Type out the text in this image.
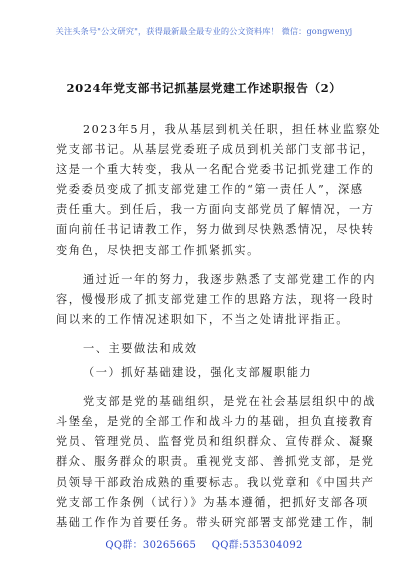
关注头条号"公文研究"，获得最新最全最专业的公文资料库！ 微信：gongwenyj
2024年党支部书记抓基层党建工作述职报告（2）
2023年5月，我从基层到机关任职，担任林业监察处
党支部书记。从基层党委班子成员到机关部门支部书记，
这是一个重大转变，我从一名配合党委书记抓党建工作的
党委委员变成了抓支部党建工作的“第一责任人”，深感
责任重大。到任后，我一方面向支部党员了解情况，一方
面向前任书记请教工作，努力做到尽快熟悉情况，尽快转
变角色，尽快把支部工作抓紧抓实。
通过近一年的努力，我逐步熟悉了支部党建工作的内
容，慢慢形成了抓支部党建工作的思路方法，现将一段时
间以来的工作情况述职如下，不当之处请批评指正。
一、主要做法和成效
（一）抓好基础建设，强化支部履职能力
党支部是党的基础组织，是党在社会基层组织中的战
斗堡垒，是党的全部工作和战斗力的基础，担负直接教育
党员、管理党员、监督党员和组织群众、宣传群众、凝聚
群众、服务群众的职责。重视党支部、善抓党支部，是党
员领导干部政治成熟的重要标志。我以党章和《中国共产
党支部工作条例（试行）》为基本遵循，把抓好支部各项
基础工作作为首要任务。带头研究部署支部党建工作，制
QQ群：30265665 QQ群:535304092
